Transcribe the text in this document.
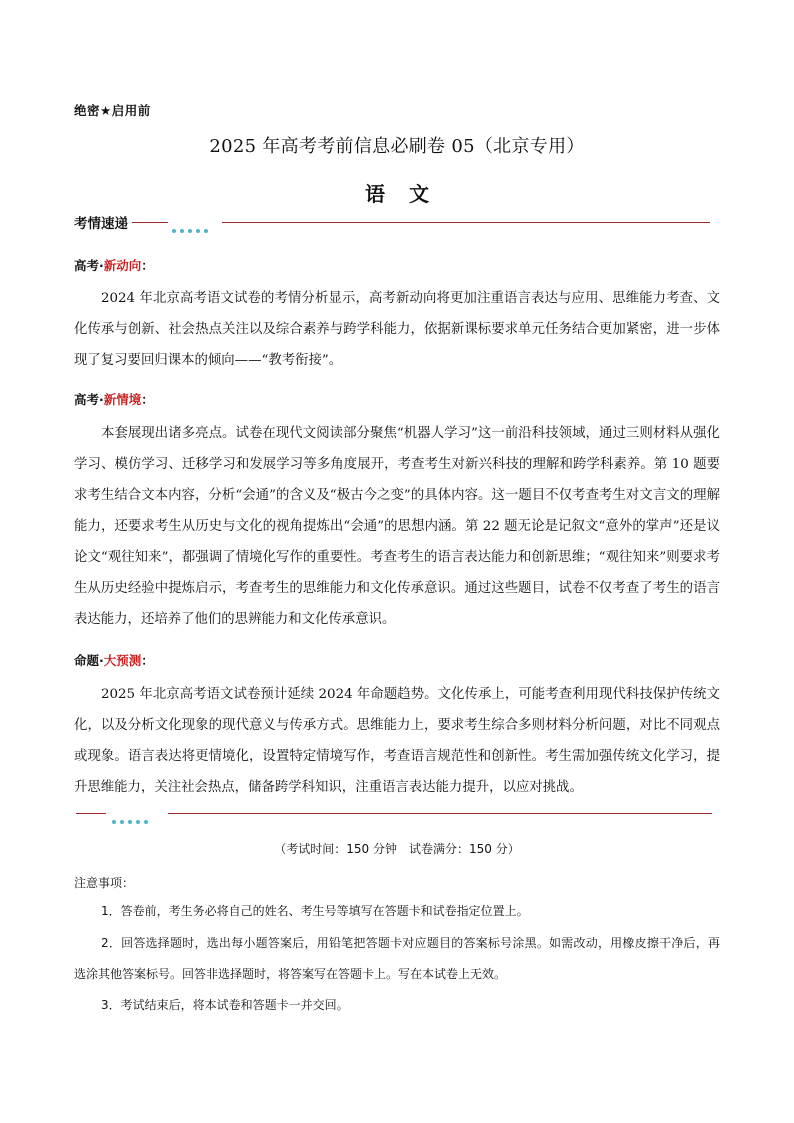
绝密★启用前
2025 年高考考前信息必刷卷 05（北京专用）
语文
考情速递
高考·新动向：
2024 年北京高考语文试卷的考情分析显示，高考新动向将更加注重语言表达与应用、思维能力考查、文化传承与创新、社会热点关注以及综合素养与跨学科能力，依据新课标要求单元任务结合更加紧密，进一步体现了复习要回归课本的倾向——“教考衔接”。
高考·新情境：
本套展现出诸多亮点。试卷在现代文阅读部分聚焦“机器人学习”这一前沿科技领域，通过三则材料从强化学习、模仿学习、迁移学习和发展学习等多角度展开，考查考生对新兴科技的理解和跨学科素养。第 10 题要求考生结合文本内容，分析“会通”的含义及“极古今之变”的具体内容。这一题目不仅考查考生对文言文的理解能力，还要求考生从历史与文化的视角提炼出“会通”的思想内涵。第 22 题无论是记叙文“意外的掌声”还是议论文“观往知来”，都强调了情境化写作的重要性。考查考生的语言表达能力和创新思维；“观往知来”则要求考生从历史经验中提炼启示，考查考生的思维能力和文化传承意识。通过这些题目，试卷不仅考查了考生的语言表达能力，还培养了他们的思辨能力和文化传承意识。
命题·大预测：
2025 年北京高考语文试卷预计延续 2024 年命题趋势。文化传承上，可能考查利用现代科技保护传统文化，以及分析文化现象的现代意义与传承方式。思维能力上，要求考生综合多则材料分析问题，对比不同观点或现象。语言表达将更情境化，设置特定情境写作，考查语言规范性和创新性。考生需加强传统文化学习，提升思维能力，关注社会热点，储备跨学科知识，注重语言表达能力提升，以应对挑战。
（考试时间：150 分钟　试卷满分：150 分）
注意事项：
1．答卷前，考生务必将自己的姓名、考生号等填写在答题卡和试卷指定位置上。
2．回答选择题时，选出每小题答案后，用铅笔把答题卡对应题目的答案标号涂黑。如需改动，用橡皮擦干净后，再选涂其他答案标号。回答非选择题时，将答案写在答题卡上。写在本试卷上无效。
3．考试结束后，将本试卷和答题卡一并交回。
